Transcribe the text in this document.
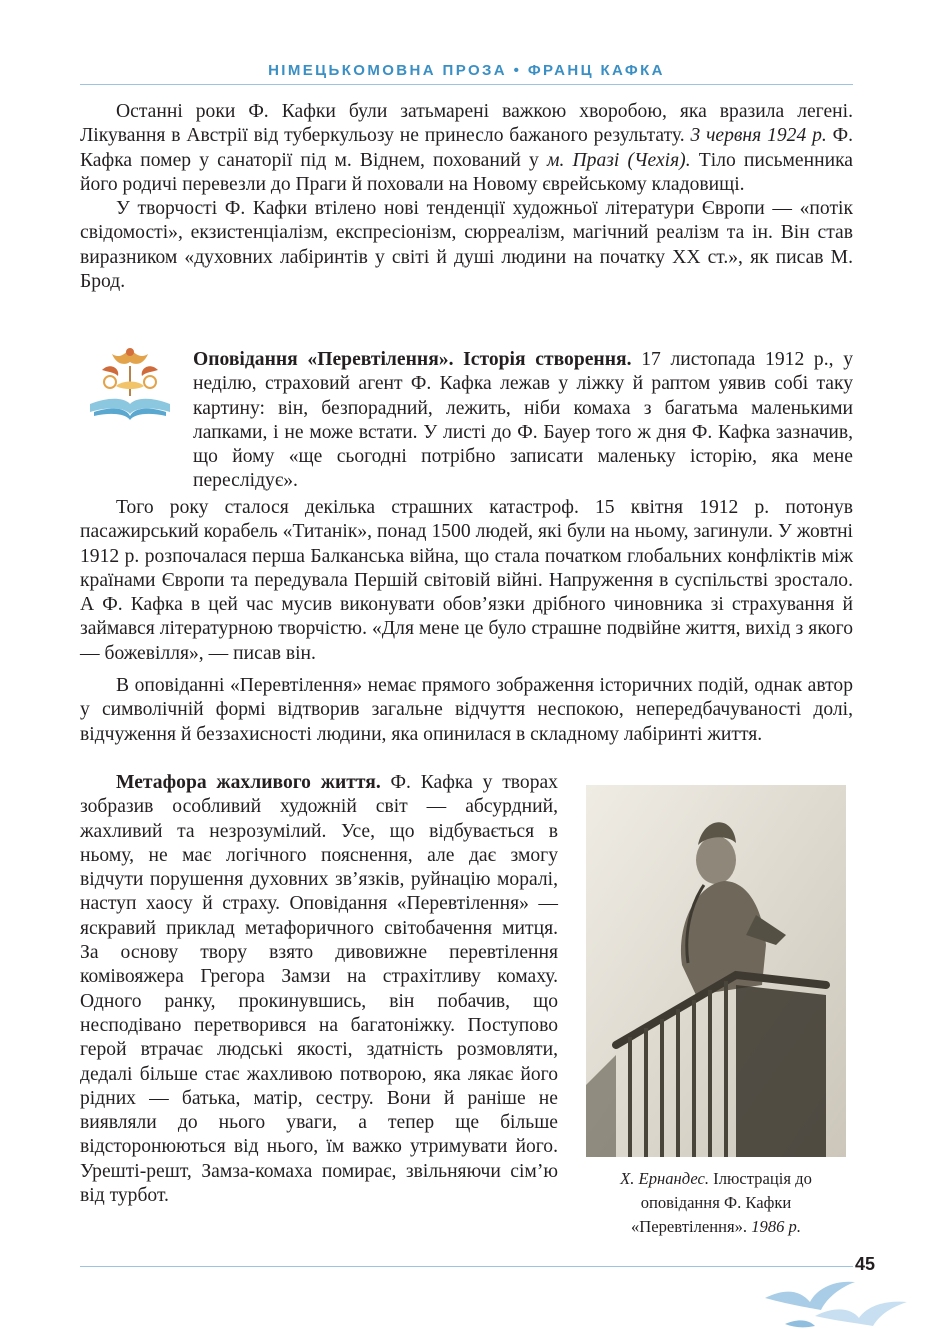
НІМЕЦЬКОМОВНА ПРОЗА • ФРАНЦ КАФКА

Останні роки Ф. Кафки були затьмарені важкою хворобою, яка вразила легені. Лікування в Австрії від туберкульозу не принесло бажаного результату. 3 червня 1924 р. Ф. Кафка помер у санаторії під м. Віднем, похований у м. Празі (Чехія). Тіло письменника його родичі перевезли до Праги й поховали на Новому єврейському кладовищі.

У творчості Ф. Кафки втілено нові тенденції художньої літератури Європи — «потік свідомості», екзистенціалізм, експресіонізм, сюрреалізм, магічний реалізм та ін. Він став виразником «духовних лабіринтів у світі й душі людини на початку XX ст.», як писав М. Брод.

Оповідання «Перевтілення». Історія створення. 17 листопада 1912 р., у неділю, страховий агент Ф. Кафка лежав у ліжку й раптом уявив собі таку картину: він, безпорадний, лежить, ніби комаха з багатьма маленькими лапками, і не може встати. У листі до Ф. Бауер того ж дня Ф. Кафка зазначив, що йому «ще сьогодні потрібно записати маленьку історію, яка мене переслідує».

Того року сталося декілька страшних катастроф. 15 квітня 1912 р. потонув пасажирський корабель «Титанік», понад 1500 людей, які були на ньому, загинули. У жовтні 1912 р. розпочалася перша Балканська війна, що стала початком глобальних конфліктів між країнами Європи та передувала Першій світовій війні. Напруження в суспільстві зростало. А Ф. Кафка в цей час мусив виконувати обов’язки дрібного чиновника зі страхування й займався літературною творчістю. «Для мене це було страшне подвійне життя, вихід з якого — божевілля», — писав він.

В оповіданні «Перевтілення» немає прямого зображення історичних подій, однак автор у символічній формі відтворив загальне відчуття неспокою, непередбачуваності долі, відчуження й беззахисності людини, яка опинилася в складному лабіринті життя.

Метафора жахливого життя. Ф. Кафка у творах зобразив особливий художній світ — абсурдний, жахливий та незрозумілий. Усе, що відбувається в ньому, не має логічного пояснення, але дає змогу відчути порушення духовних зв’язків, руйнацію моралі, наступ хаосу й страху. Оповідання «Перевтілення» — яскравий приклад метафоричного світобачення митця. За основу твору взято дивовижне перевтілення комівояжера Грегора Замзи на страхітливу комаху. Одного ранку, прокинувшись, він побачив, що несподівано перетворився на багатоніжку. Поступово герой втрачає людські якості, здатність розмовляти, дедалі більше стає жахливою потворою, яка лякає його рідних — батька, матір, сестру. Вони й раніше не виявляли до нього уваги, а тепер ще більше відсторонюються від нього, їм важко утримувати його. Урешті-решт, Замза-комаха помирає, звільняючи сім’ю від турбот.

Х. Ернандес. Ілюстрація до оповідання Ф. Кафки «Перевтілення». 1986 р.
45
